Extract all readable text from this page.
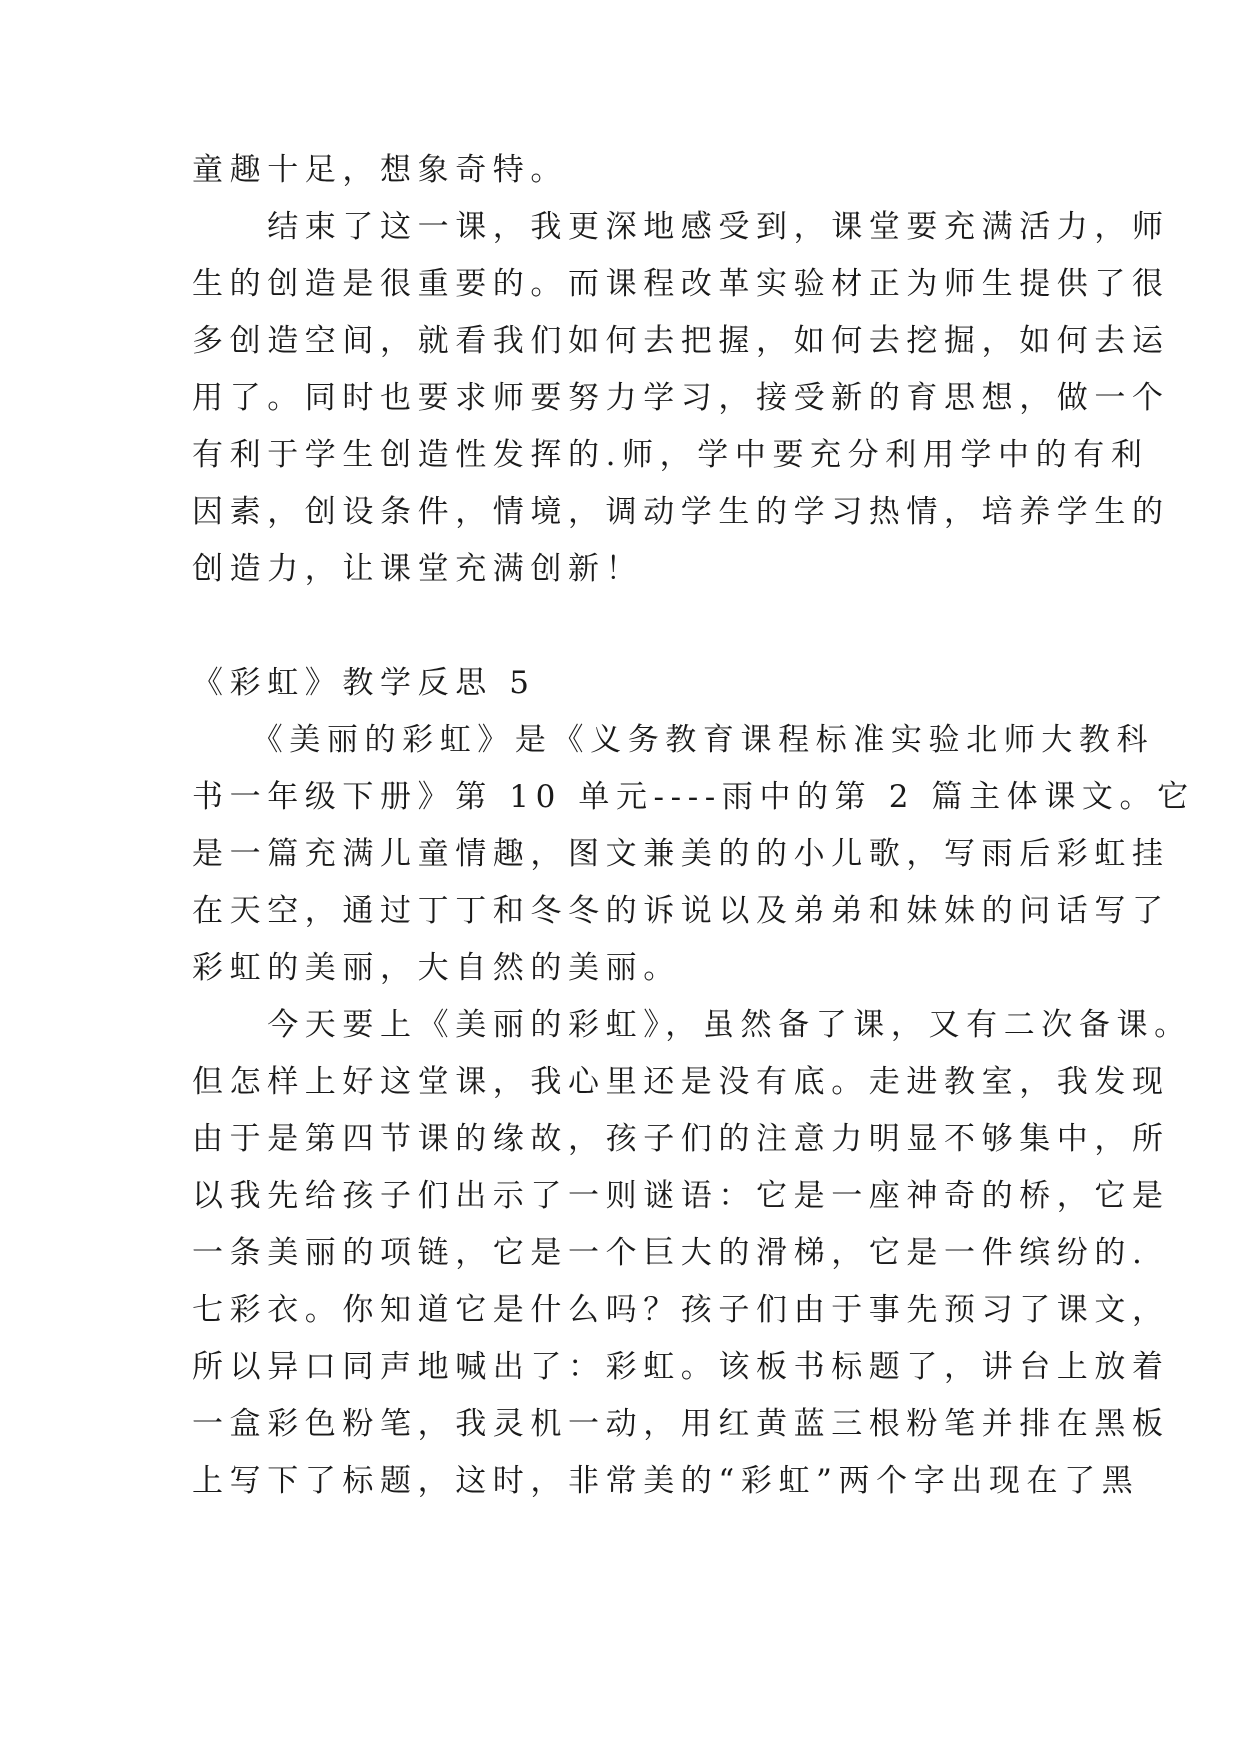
童趣十足，想象奇特。
　　结束了这一课，我更深地感受到，课堂要充满活力，师
生的创造是很重要的。而课程改革实验材正为师生提供了很
多创造空间，就看我们如何去把握，如何去挖掘，如何去运
用了。同时也要求师要努力学习，接受新的育思想，做一个
有利于学生创造性发挥的.师，学中要充分利用学中的有利
因素，创设条件，情境，调动学生的学习热情，培养学生的
创造力，让课堂充满创新！
《彩虹》教学反思 5
　　《美丽的彩虹》是《义务教育课程标准实验北师大教科
书一年级下册》第 10 单元----雨中的第 2 篇主体课文。它
是一篇充满儿童情趣，图文兼美的的小儿歌，写雨后彩虹挂
在天空，通过丁丁和冬冬的诉说以及弟弟和妹妹的问话写了
彩虹的美丽，大自然的美丽。
　　今天要上《美丽的彩虹》，虽然备了课，又有二次备课。
但怎样上好这堂课，我心里还是没有底。走进教室，我发现
由于是第四节课的缘故，孩子们的注意力明显不够集中，所
以我先给孩子们出示了一则谜语：它是一座神奇的桥，它是
一条美丽的项链，它是一个巨大的滑梯，它是一件缤纷的.
七彩衣。你知道它是什么吗？孩子们由于事先预习了课文，
所以异口同声地喊出了：彩虹。该板书标题了，讲台上放着
一盒彩色粉笔，我灵机一动，用红黄蓝三根粉笔并排在黑板
上写下了标题，这时，非常美的“彩虹”两个字出现在了黑
